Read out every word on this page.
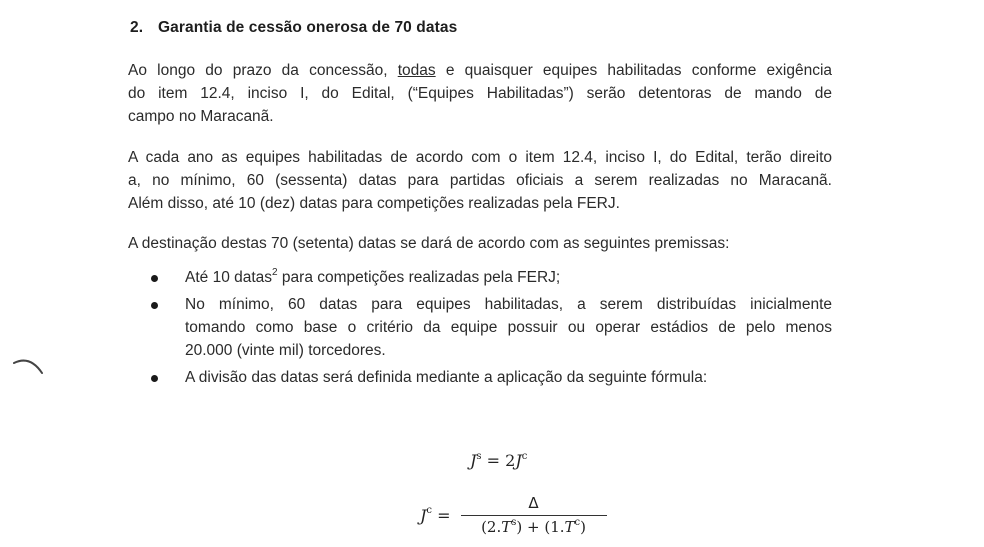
2. Garantia de cessão onerosa de 70 datas
Ao longo do prazo da concessão, todas e quaisquer equipes habilitadas conforme exigência
do item 12.4, inciso I, do Edital, (“Equipes Habilitadas”) serão detentoras de mando de
campo no Maracanã.
A cada ano as equipes habilitadas de acordo com o item 12.4, inciso I, do Edital, terão direito
a, no mínimo, 60 (sessenta) datas para partidas oficiais a serem realizadas no Maracanã.
Além disso, até 10 (dez) datas para competições realizadas pela FERJ.
A destinação destas 70 (setenta) datas se dará de acordo com as seguintes premissas:
Até 10 datas$^2$ para competições realizadas pela FERJ;
No mínimo, 60 datas para equipes habilitadas, a serem distribuídas inicialmente
tomando como base o critério da equipe possuir ou operar estádios de pelo menos
20.000 (vinte mil) torcedores.
A divisão das datas será definida mediante a aplicação da seguinte fórmula:
$J^s = 2J^c$
$J^c = \frac{\Delta}{(2.T^s) + (1.T^c)}$
